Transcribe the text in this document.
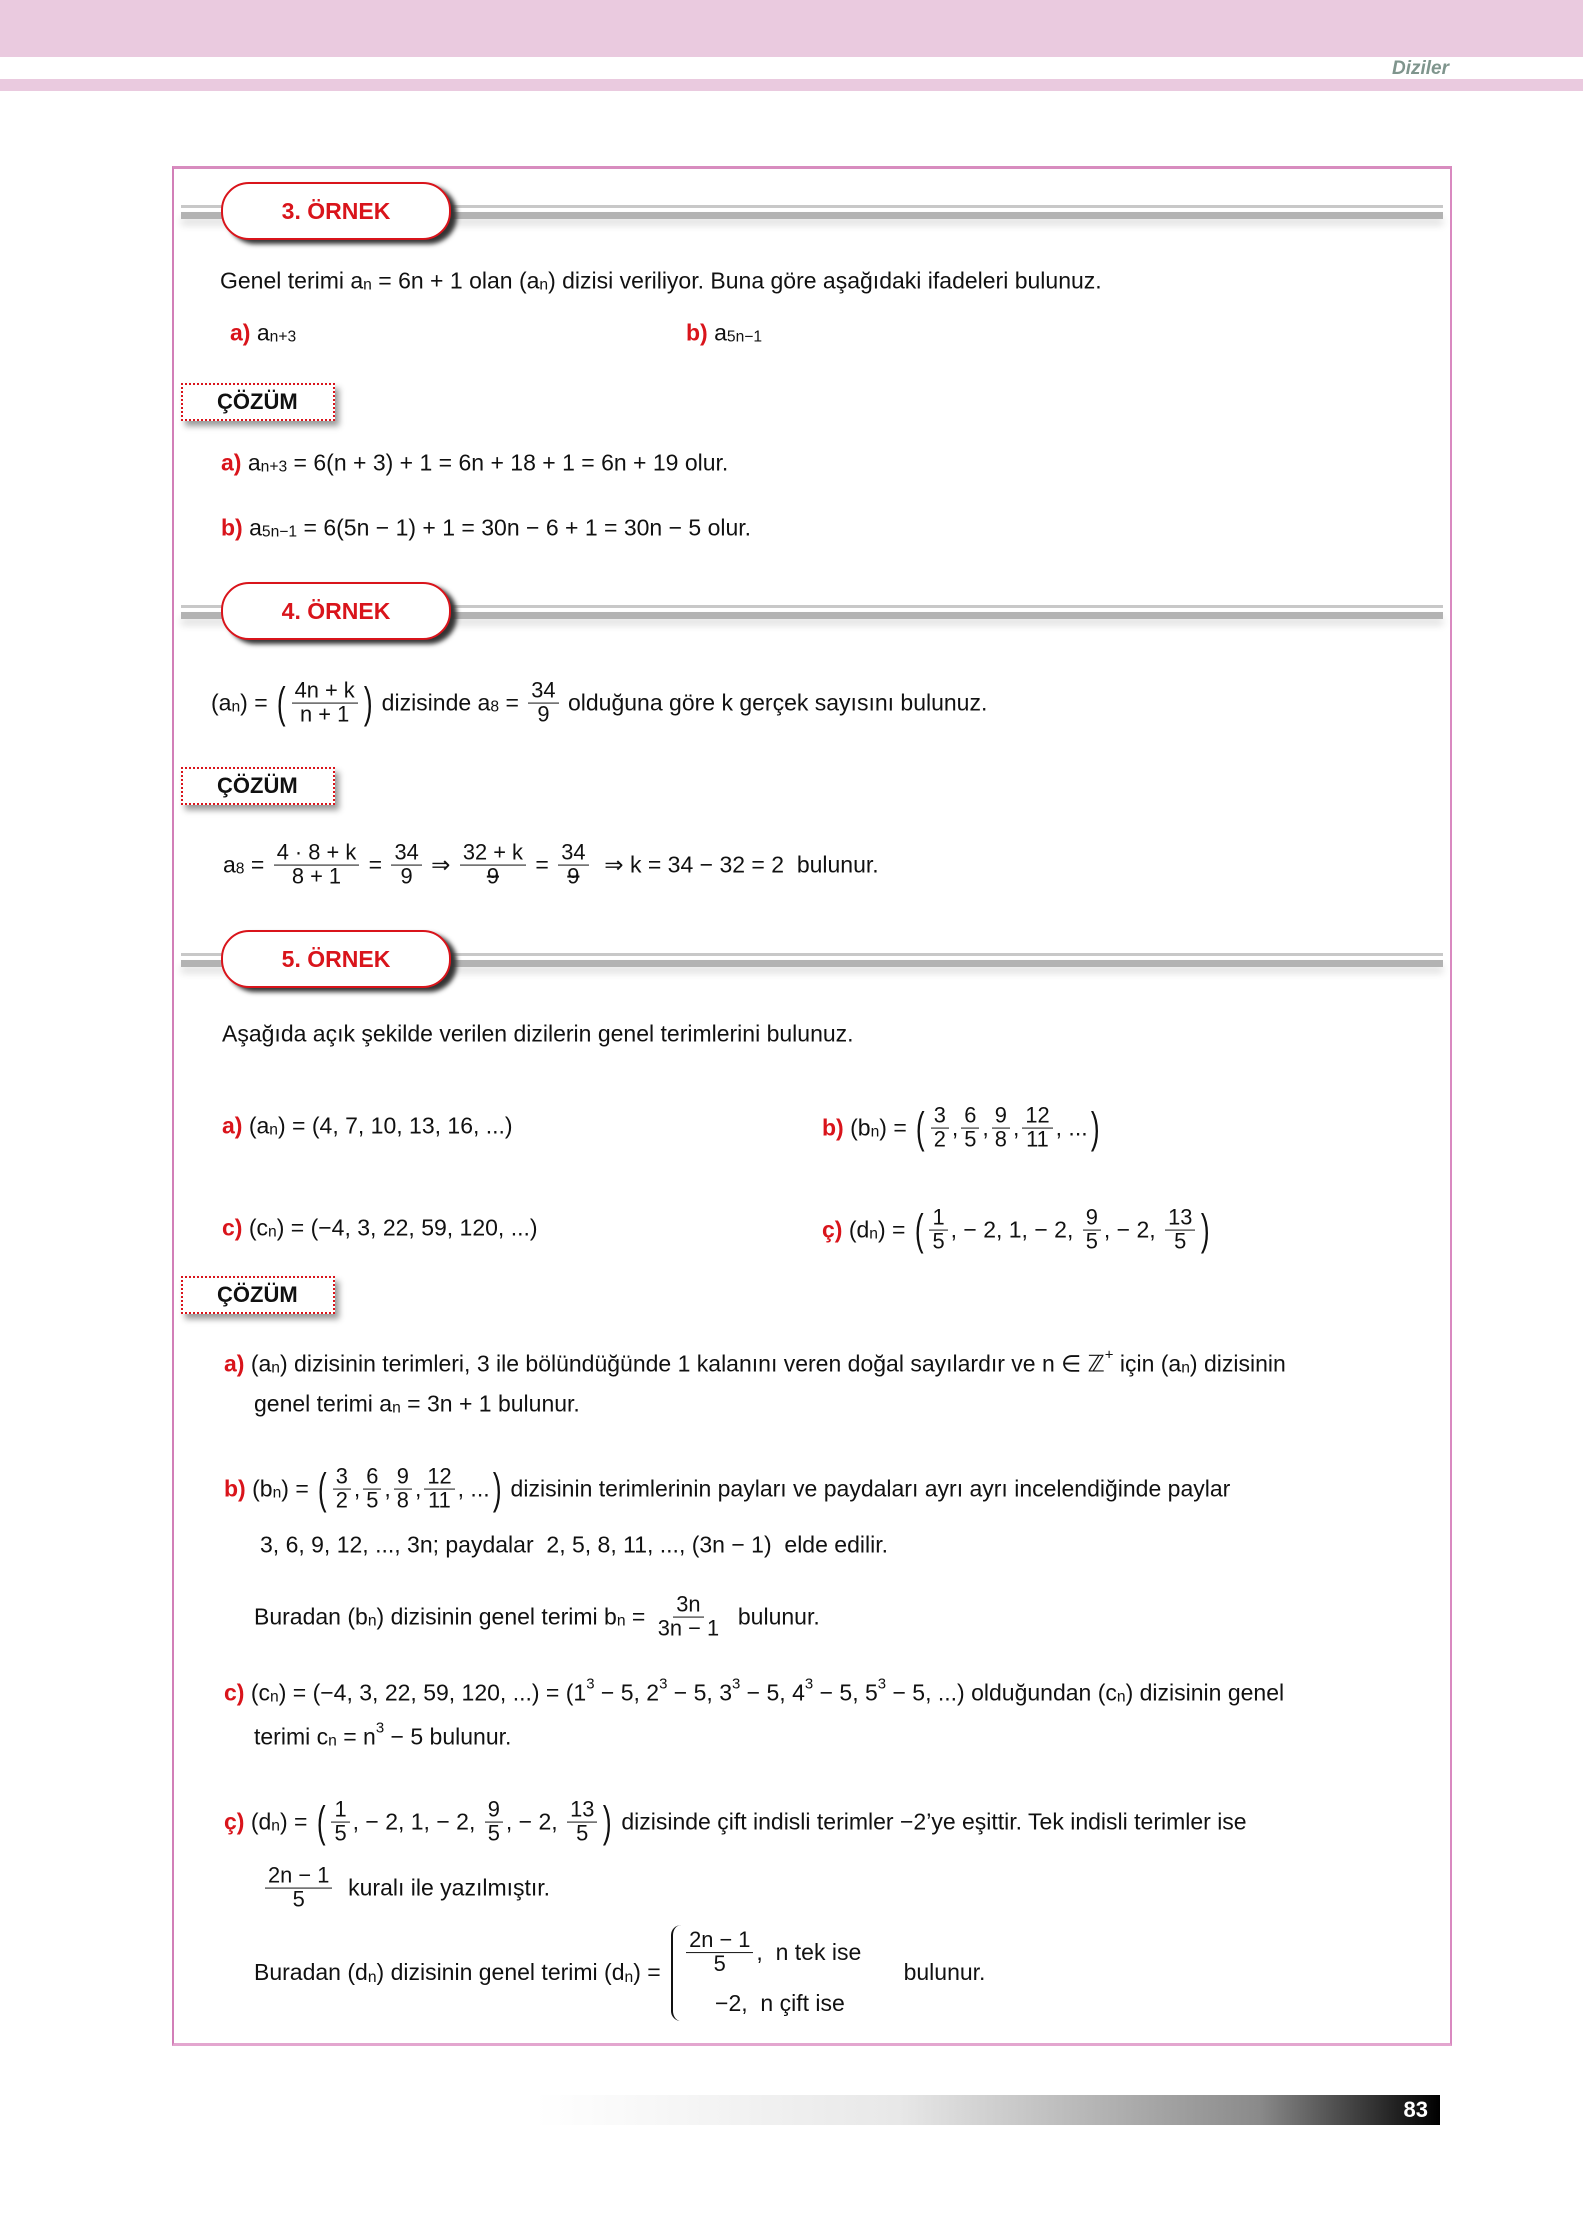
Diziler
3. ÖRNEK
Genel terimi a n = 6n + 1 olan (a n ) dizisi veriliyor. Buna göre aşağıdaki ifadeleri bulunuz.
a) a n+3	b) a 5n−1
ÇÖZÜM
a) a n+3 = 6(n + 3) + 1 = 6n + 18 + 1 = 6n + 19 olur.
b) a 5n−1 = 6(5n − 1) + 1 = 30n − 6 + 1 = 30n − 5 olur.
4. ÖRNEK
(a n ) = ( $\frac{4n + k}{n + 1}$ ) dizisinde a $8 = \frac{34}{9}$ olduğuna göre k gerçek sayısını bulunuz.
ÇÖZÜM
a $8 = \frac{4 \cdot 8 + k}{8 + 1} = \frac{34}{9}$ ⇒ $\frac{32 + k}{9} = \frac{34}{9}$ ⇒ k = 34 − 32 = 2  bulunur.
5. ÖRNEK
Aşağıda açık şekilde verilen dizilerin genel terimlerini bulunuz.
a) (a n ) = (4, 7, 10, 13, 16, ...)	b) (b n ) = ( $\frac{3}{2}$ , $\frac{6}{5}$ , $\frac{9}{8}$ , $\frac{12}{11}$ , ... )
c) (c n ) = (−4, 3, 22, 59, 120, ...)	ç) (d n ) = ( $\frac{1}{5}$ , − 2, 1, − 2, $\frac{9}{5}$ , − 2, $\frac{13}{5}$ )
ÇÖZÜM
a) (a n ) dizisinin terimleri, 3 ile bölündüğünde 1 kalanını veren doğal sayılardır ve n ∈ ℤ + için (a n ) dizisinin
genel terimi a n = 3n + 1 bulunur.
b) (b n ) = ( $\frac{3}{2}$ , $\frac{6}{5}$ , $\frac{9}{8}$ , $\frac{12}{11}$ , ... ) dizisinin terimlerinin payları ve paydaları ayrı ayrı incelendiğinde paylar
3, 6, 9, 12, ..., 3n; paydalar  2, 5, 8, 11, ..., (3n − 1)  elde edilir.
Buradan (b n ) dizisinin genel terimi b $n = \frac{3n}{3n - 1}$ bulunur.
c) (c n ) = (−4, 3, 22, 59, 120, ...) = (1 3 − 5, 2 3 − 5, 3 3 − 5, 4 3 − 5, 5 3 − 5, ...) olduğundan (c n ) dizisinin genel
terimi c n = n 3 − 5 bulunur.
ç) (d n ) = ( $\frac{1}{5}$ , − 2, 1, − 2, $\frac{9}{5}$ , − 2, $\frac{13}{5}$ ) dizisinde çift indisli terimler −2’ye eşittir. Tek indisli terimler ise
$\frac{2n - 1}{5}$ kuralı ile yazılmıştır.
Buradan (d n ) dizisinin genel terimi (d n ) = $\frac{2n - 1}{5}$ ,  n tek ise
−2,  n çift ise
bulunur.
83
